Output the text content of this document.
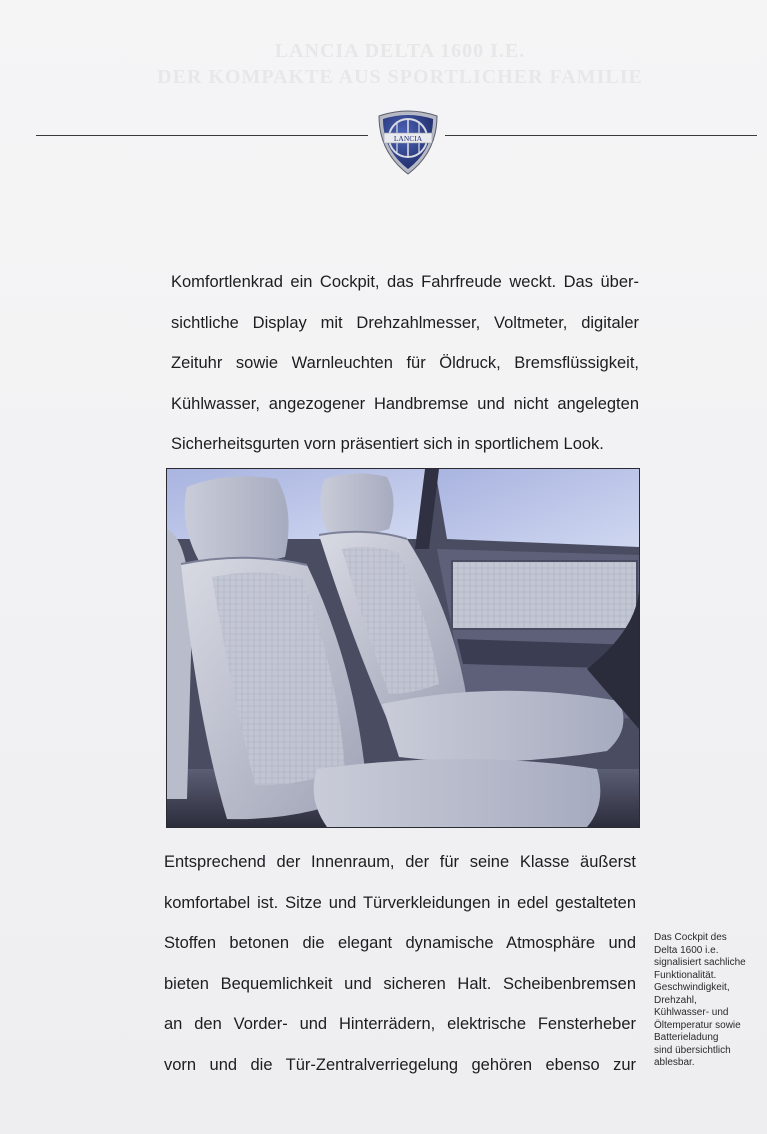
LANCIA DELTA 1600 I.E.
DER KOMPAKTE AUS SPORTLICHER FAMILIE
LANCIA
Komfortlenkrad ein Cockpit, das Fahrfreude weckt. Das über-
sichtliche Display mit Drehzahlmesser, Voltmeter, digitaler
Zeituhr sowie Warnleuchten für Öldruck, Bremsflüssigkeit,
Kühlwasser, angezogener Handbremse und nicht angelegten
Sicherheitsgurten vorn präsentiert sich in sportlichem Look.
Entsprechend der Innenraum, der für seine Klasse äußerst
komfortabel ist. Sitze und Türverkleidungen in edel gestalteten
Stoffen betonen die elegant dynamische Atmosphäre und
bieten Bequemlichkeit und sicheren Halt. Scheibenbremsen
an den Vorder- und Hinterrädern, elektrische Fensterheber
vorn und die Tür-Zentralverriegelung gehören ebenso zur
Das Cockpit des
Delta 1600 i.e.
signalisiert sachliche
Funktionalität.
Geschwindigkeit,
Drehzahl,
Kühlwasser- und
Öltemperatur sowie
Batterieladung
sind übersichtlich
ablesbar.
